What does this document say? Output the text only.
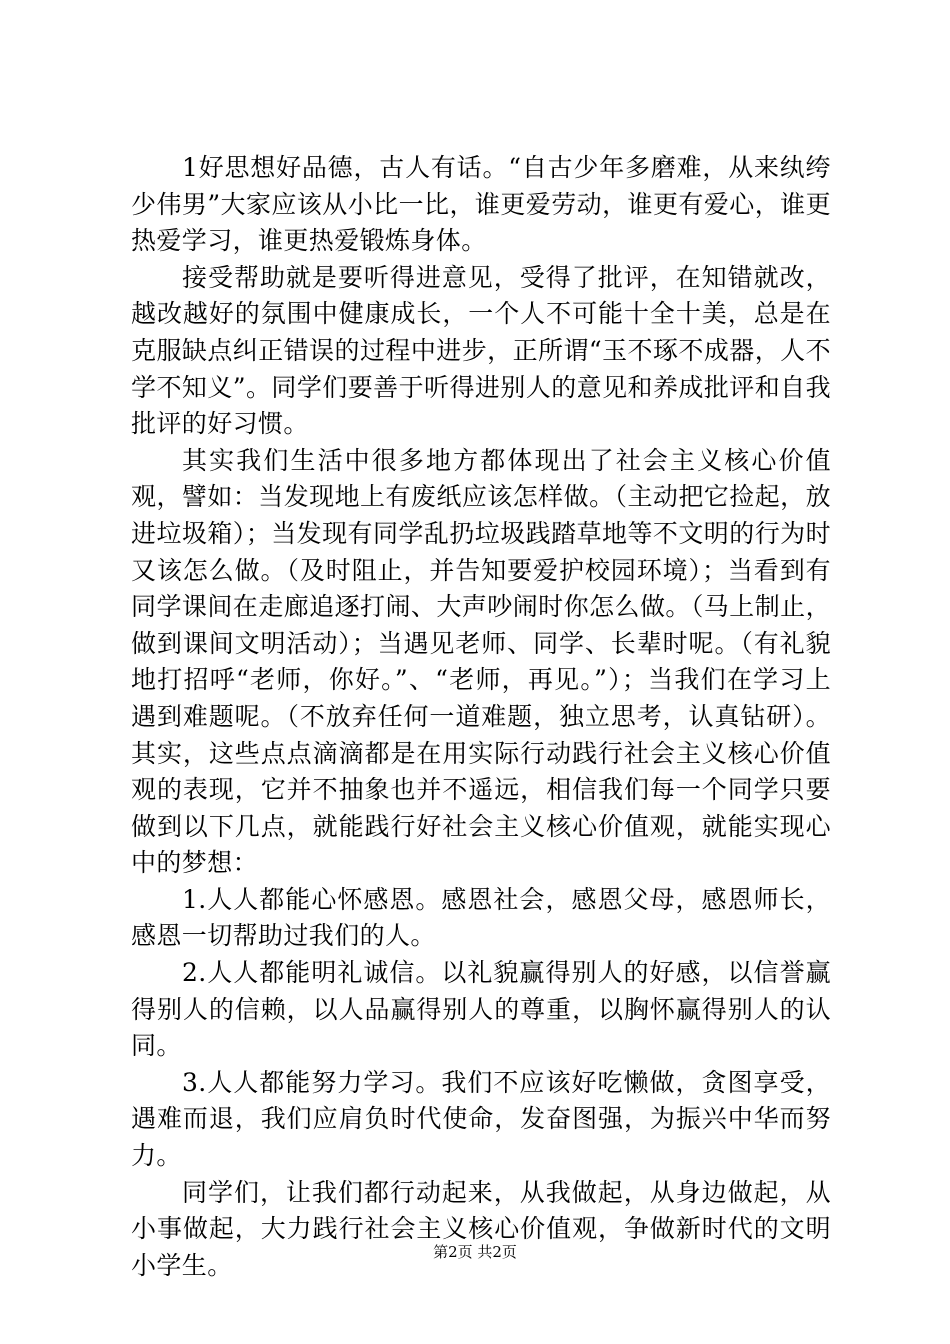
1好思想好品德，古人有话。“自古少年多磨难，从来纨绔少伟男”大家应该从小比一比，谁更爱劳动，谁更有爱心，谁更热爱学习，谁更热爱锻炼身体。

接受帮助就是要听得进意见，受得了批评，在知错就改，越改越好的氛围中健康成长，一个人不可能十全十美，总是在克服缺点纠正错误的过程中进步，正所谓“玉不琢不成器，人不学不知义”。同学们要善于听得进别人的意见和养成批评和自我批评的好习惯。

其实我们生活中很多地方都体现出了社会主义核心价值观，譬如：当发现地上有废纸应该怎样做。（主动把它捡起，放进垃圾箱）；当发现有同学乱扔垃圾践踏草地等不文明的行为时又该怎么做。（及时阻止，并告知要爱护校园环境）；当看到有同学课间在走廊追逐打闹、大声吵闹时你怎么做。（马上制止，做到课间文明活动）；当遇见老师、同学、长辈时呢。（有礼貌地打招呼“老师，你好。”、“老师，再见。”）；当我们在学习上遇到难题呢。（不放弃任何一道难题，独立思考，认真钻研）。其实，这些点点滴滴都是在用实际行动践行社会主义核心价值观的表现，它并不抽象也并不遥远，相信我们每一个同学只要做到以下几点，就能践行好社会主义核心价值观，就能实现心中的梦想：

1.人人都能心怀感恩。感恩社会，感恩父母，感恩师长，感恩一切帮助过我们的人。

2.人人都能明礼诚信。以礼貌赢得别人的好感，以信誉赢得别人的信赖，以人品赢得别人的尊重，以胸怀赢得别人的认同。

3.人人都能努力学习。我们不应该好吃懒做，贪图享受，遇难而退，我们应肩负时代使命，发奋图强，为振兴中华而努力。

同学们，让我们都行动起来，从我做起，从身边做起，从小事做起，大力践行社会主义核心价值观，争做新时代的文明小学生。	第2页 共2页
